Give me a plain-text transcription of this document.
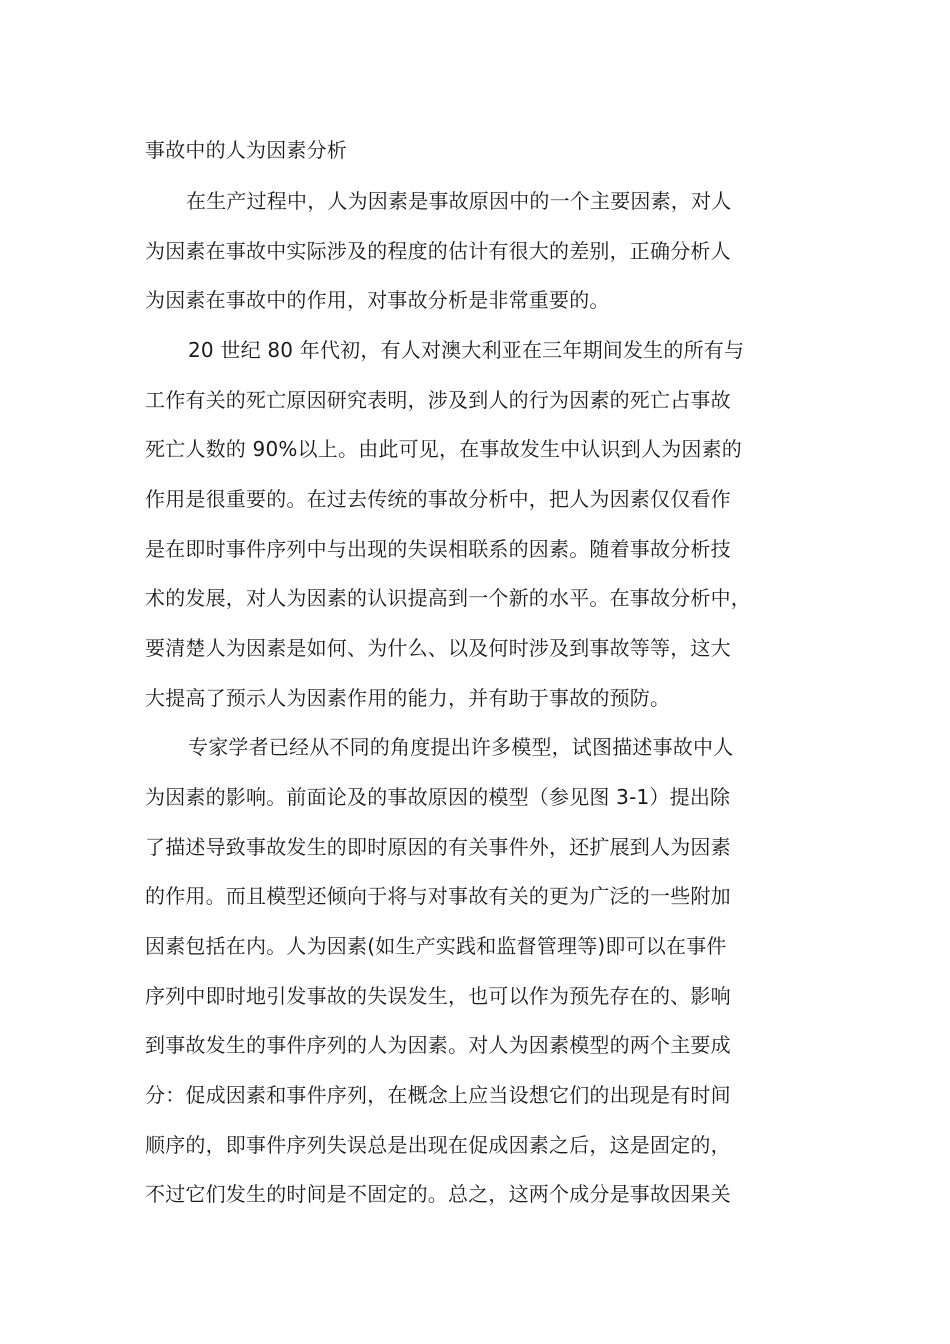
事故中的人为因素分析
在生产过程中，人为因素是事故原因中的一个主要因素，对人
为因素在事故中实际涉及的程度的估计有很大的差别，正确分析人
为因素在事故中的作用，对事故分析是非常重要的。
20 世纪 80 年代初，有人对澳大利亚在三年期间发生的所有与
工作有关的死亡原因研究表明，涉及到人的行为因素的死亡占事故
死亡人数的 90%以上。由此可见，在事故发生中认识到人为因素的
作用是很重要的。在过去传统的事故分析中，把人为因素仅仅看作
是在即时事件序列中与出现的失误相联系的因素。随着事故分析技
术的发展，对人为因素的认识提高到一个新的水平。在事故分析中，
要清楚人为因素是如何、为什么、以及何时涉及到事故等等，这大
大提高了预示人为因素作用的能力，并有助于事故的预防。
专家学者已经从不同的角度提出许多模型，试图描述事故中人
为因素的影响。前面论及的事故原因的模型（参见图 3-1）提出除
了描述导致事故发生的即时原因的有关事件外，还扩展到人为因素
的作用。而且模型还倾向于将与对事故有关的更为广泛的一些附加
因素包括在内。人为因素(如生产实践和监督管理等)即可以在事件
序列中即时地引发事故的失误发生，也可以作为预先存在的、影响
到事故发生的事件序列的人为因素。对人为因素模型的两个主要成
分：促成因素和事件序列，在概念上应当设想它们的出现是有时间
顺序的，即事件序列失误总是出现在促成因素之后，这是固定的，
不过它们发生的时间是不固定的。总之，这两个成分是事故因果关
